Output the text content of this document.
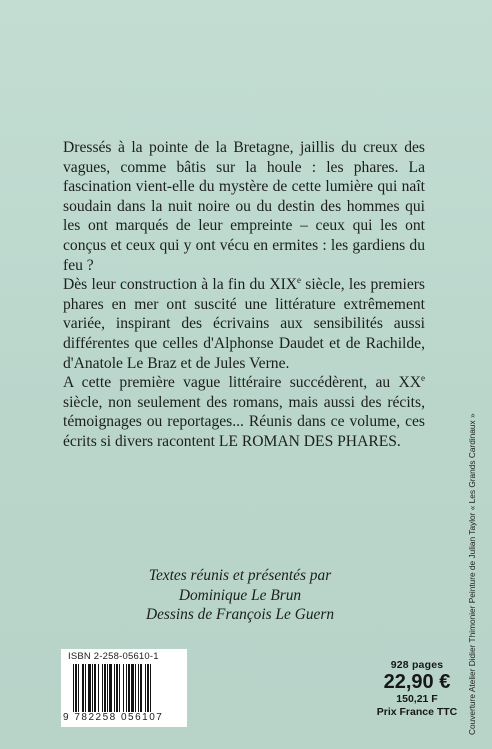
Dressés à la pointe de la Bretagne, jaillis du creux des vagues, comme bâtis sur la houle : les phares. La fascination vient-elle du mystère de cette lumière qui naît soudain dans la nuit noire ou du destin des hommes qui les ont marqués de leur empreinte – ceux qui les ont conçus et ceux qui y ont vécu en ermites : les gardiens du feu ?

Dès leur construction à la fin du XIXe siècle, les premiers phares en mer ont suscité une littérature extrêmement variée, inspirant des écrivains aux sensibilités aussi différentes que celles d'Alphonse Daudet et de Rachilde, d'Anatole Le Braz et de Jules Verne.

A cette première vague littéraire succédèrent, au XXe siècle, non seulement des romans, mais aussi des récits, témoignages ou reportages... Réunis dans ce volume, ces écrits si divers racontent LE ROMAN DES PHARES.

Textes réunis et présentés par
Dominique Le Brun
Dessins de François Le Guern
ISBN 2-258-05610-1
9 782258 056107
928 pages
22,90 €
150,21 F
Prix France TTC	Couverture Atelier Didier Thimonier Peinture de Julian Taylor « Les Grands Cardinaux »
